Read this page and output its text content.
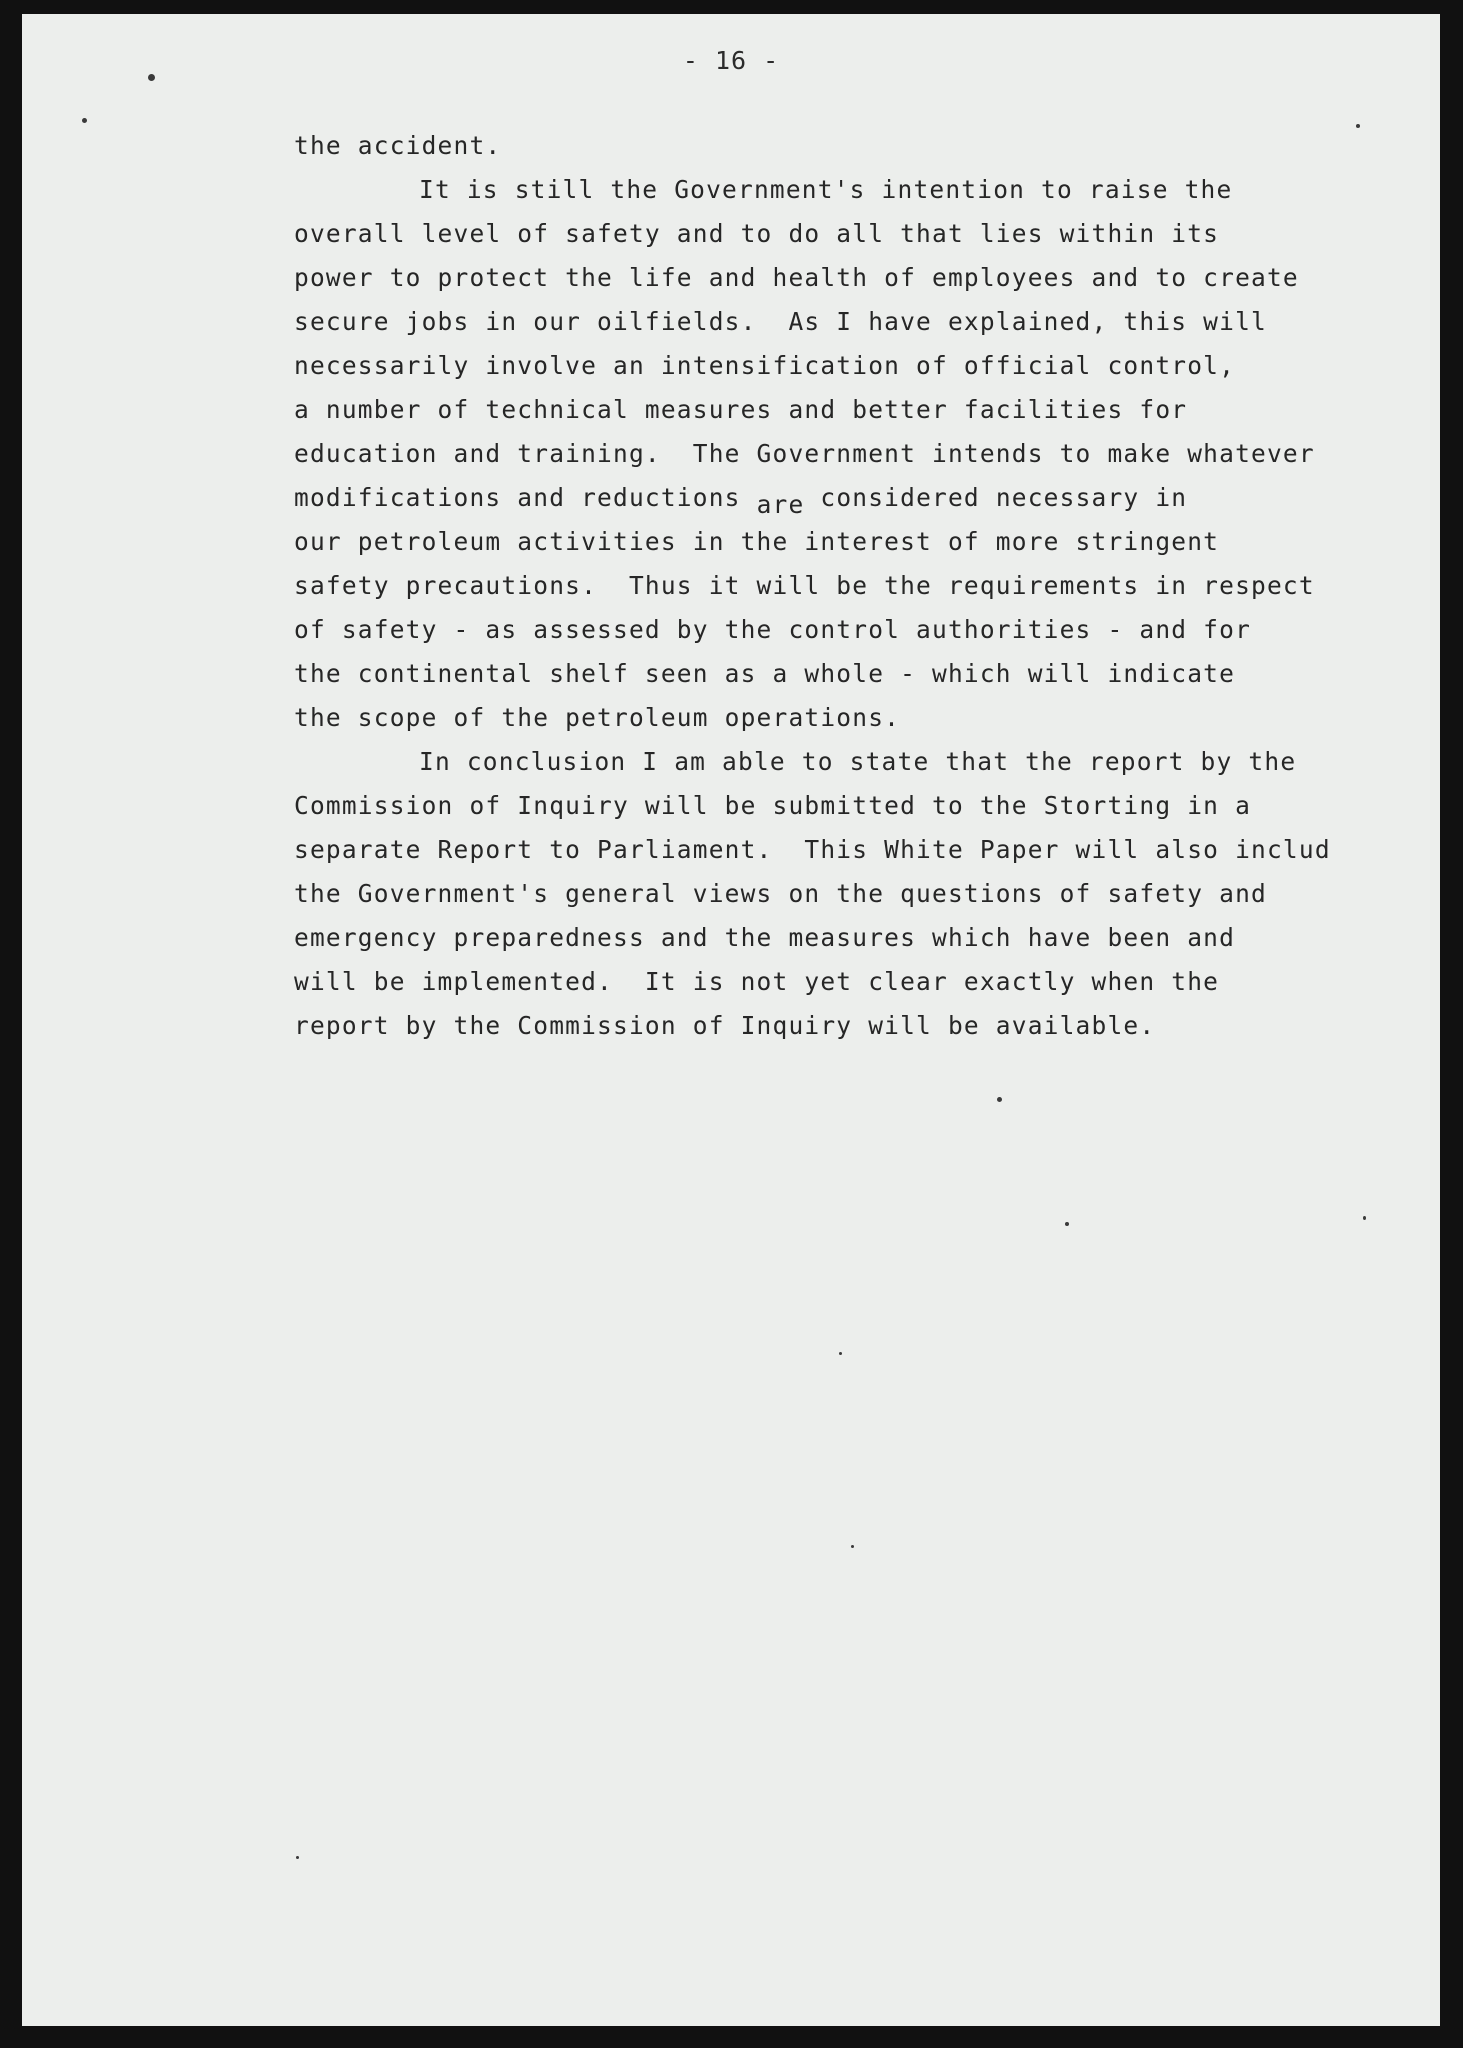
- 16 -
the accident.
It is still the Government's intention to raise the
overall level of safety and to do all that lies within its
power to protect the life and health of employees and to create
secure jobs in our oilfields.  As I have explained, this will
necessarily involve an intensification of official control,
a number of technical measures and better facilities for
education and training.  The Government intends to make whatever
modifications and reductions are considered necessary in
our petroleum activities in the interest of more stringent
safety precautions.  Thus it will be the requirements in respect
of safety - as assessed by the control authorities - and for
the continental shelf seen as a whole - which will indicate
the scope of the petroleum operations.
In conclusion I am able to state that the report by the
Commission of Inquiry will be submitted to the Storting in a
separate Report to Parliament.  This White Paper will also includ
the Government's general views on the questions of safety and
emergency preparedness and the measures which have been and
will be implemented.  It is not yet clear exactly when the
report by the Commission of Inquiry will be available.
